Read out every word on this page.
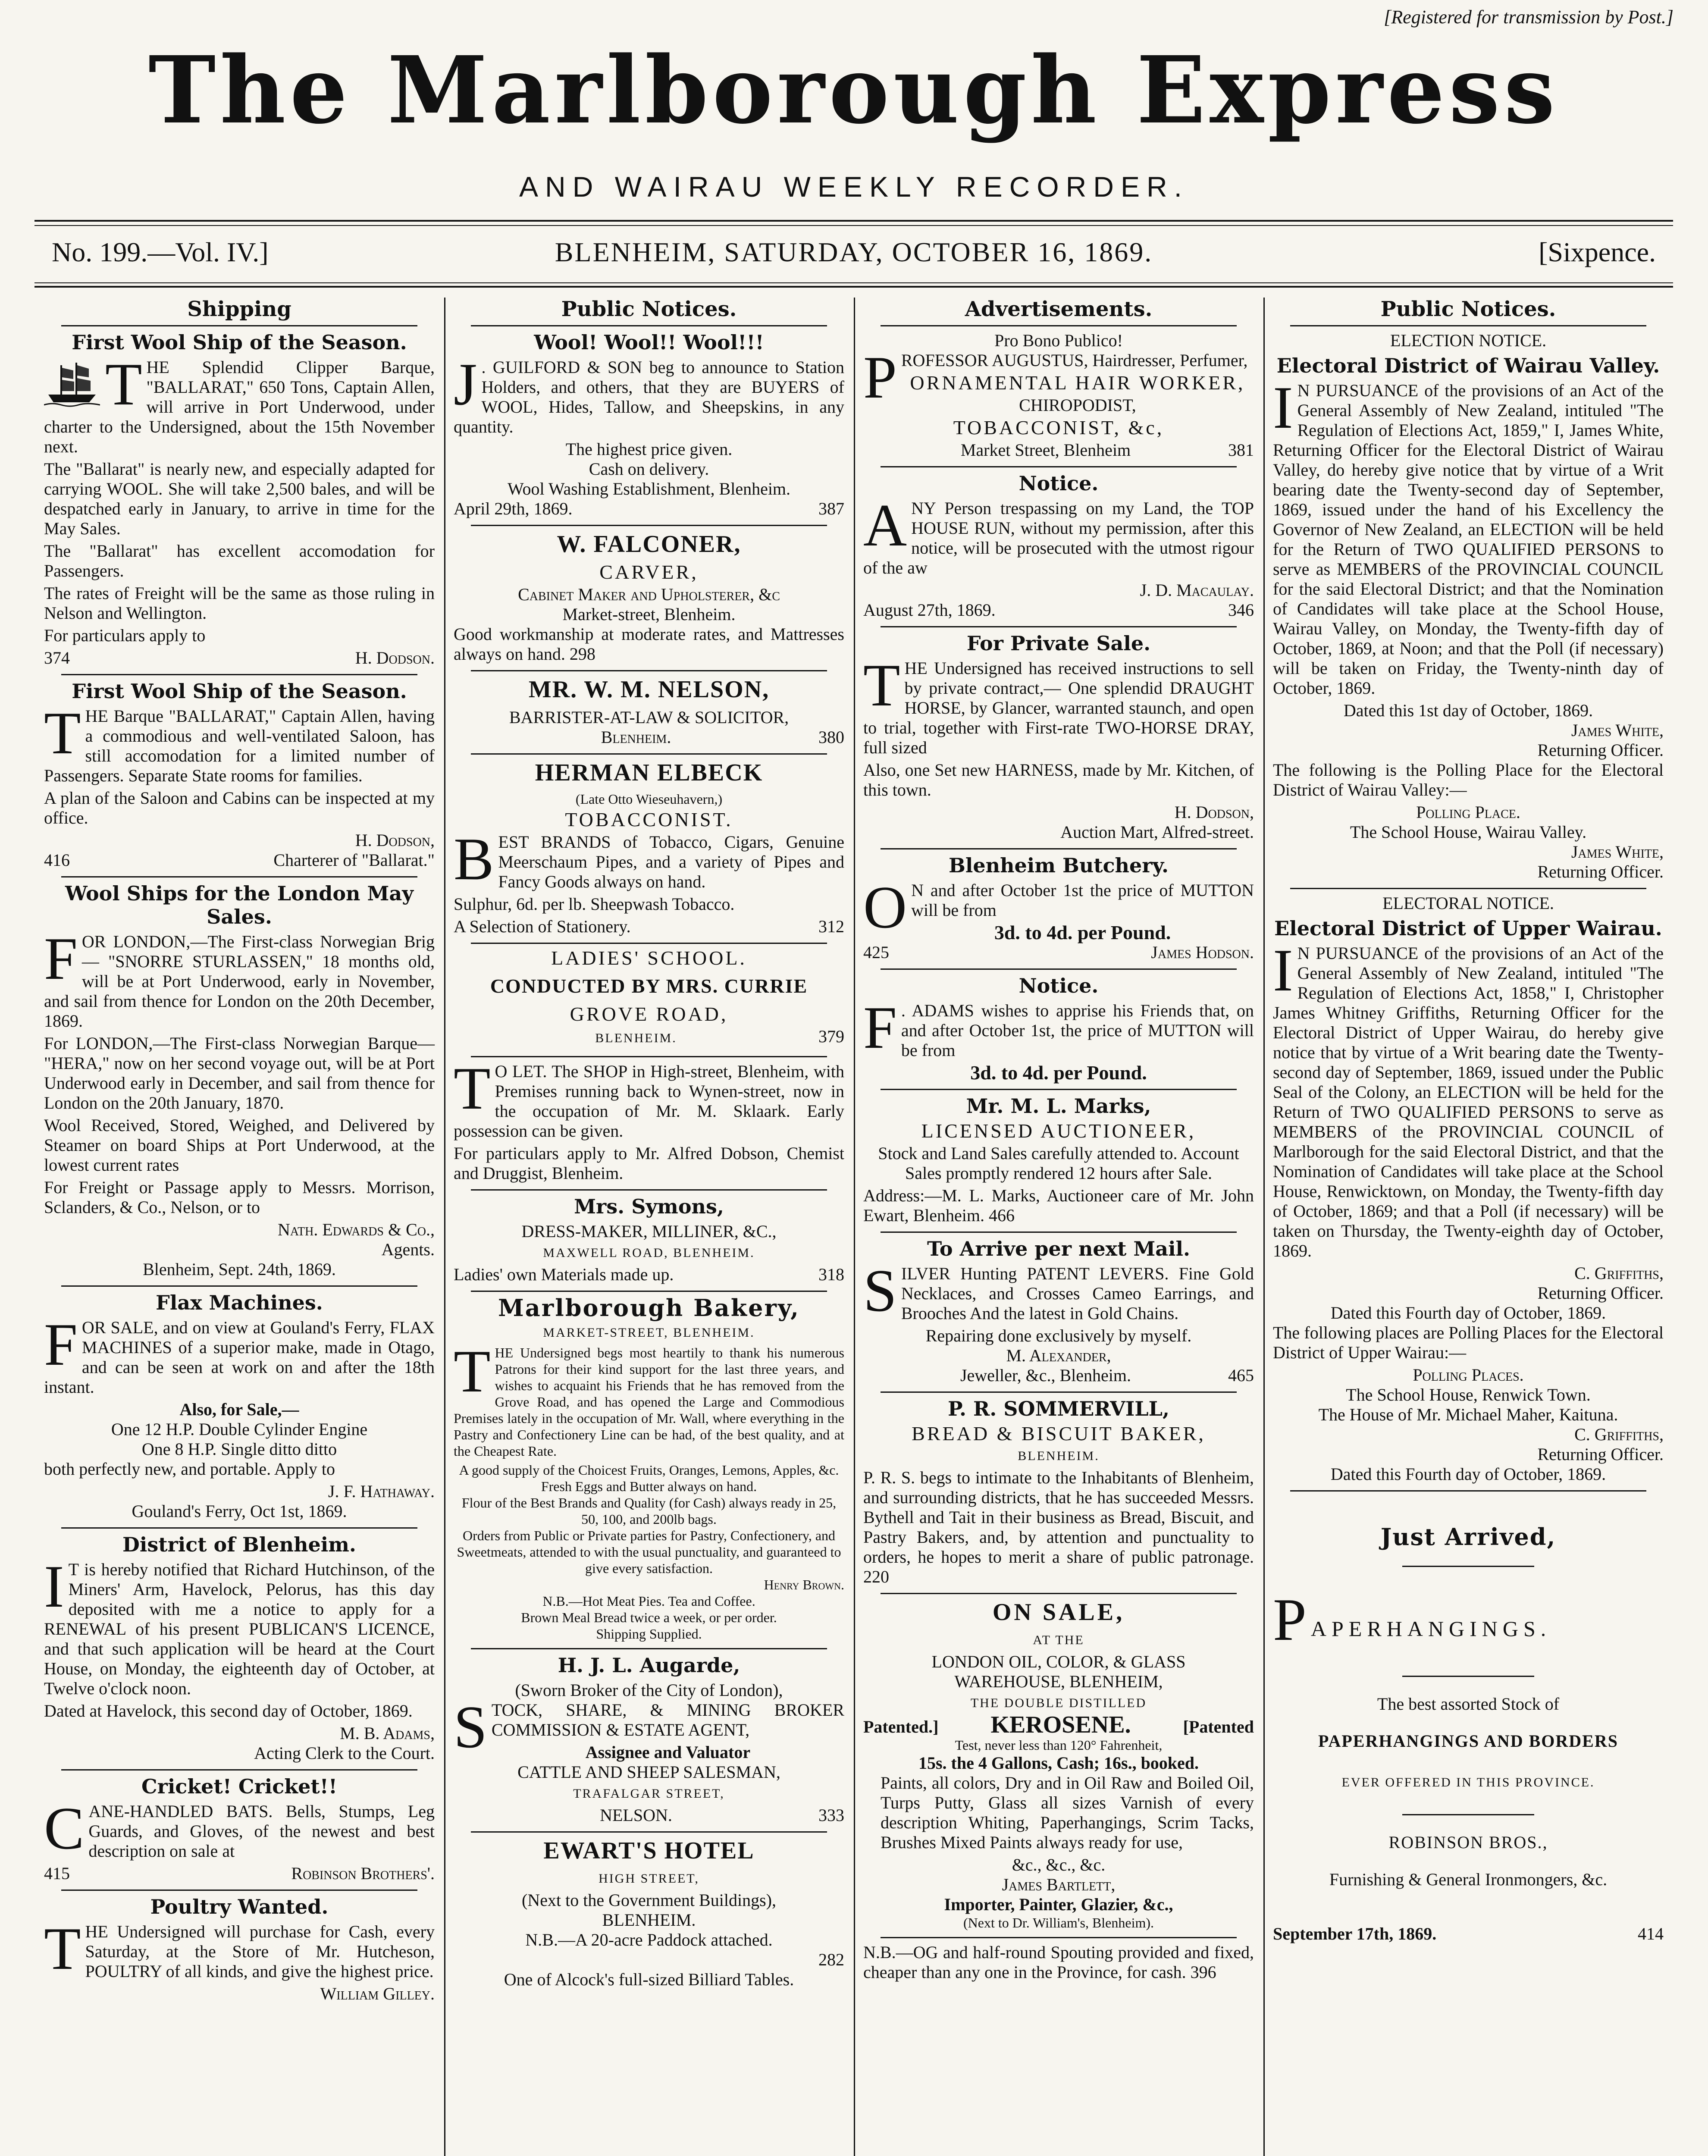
[Registered for transmission by Post.]
The Marlborough Express
AND WAIRAU WEEKLY RECORDER.
No. 199.—Vol. IV.]	BLENHEIM, SATURDAY, OCTOBER 16, 1869.	[Sixpence.
Shipping
First Wool Ship of the Season.

THE Splendid Clipper Barque, "BALLARAT," 650 Tons, Captain Allen, will arrive in Port Underwood, under charter to the Undersigned, about the 15th November next.

The "Ballarat" is nearly new, and especially adapted for carrying WOOL. She will take 2,500 bales, and will be despatched early in January, to arrive in time for the May Sales.

The "Ballarat" has excellent accomodation for Passengers.

The rates of Freight will be the same as those ruling in Nelson and Wellington.

For particulars apply to

374	H. Dodson.
First Wool Ship of the Season.

THE Barque "BALLARAT," Captain Allen, having a commodious and well-ventilated Saloon, has still accomodation for a limited number of Passengers. Separate State rooms for families.

A plan of the Saloon and Cabins can be inspected at my office.

H. Dodson,
416	Charterer of "Ballarat."
Wool Ships for the London May Sales.

FOR LONDON,—The First-class Norwegian Brig— "SNORRE STURLASSEN," 18 months old, will be at Port Underwood, early in November, and sail from thence for London on the 20th December, 1869.

For LONDON,—The First-class Norwegian Barque— "HERA," now on her second voyage out, will be at Port Underwood early in December, and sail from thence for London on the 20th January, 1870.

Wool Received, Stored, Weighed, and Delivered by Steamer on board Ships at Port Underwood, at the lowest current rates

For Freight or Passage apply to Messrs. Morrison, Sclanders, & Co., Nelson, or to

Nath. Edwards & Co.,
Agents.
Blenheim, Sept. 24th, 1869.
Flax Machines.

FOR SALE, and on view at Gouland's Ferry, FLAX MACHINES of a superior make, made in Otago, and can be seen at work on and after the 18th instant.

Also, for Sale,—
One 12 H.P. Double Cylinder Engine
One 8 H.P. Single ditto ditto

both perfectly new, and portable. Apply to

J. F. Hathaway.
Gouland's Ferry, Oct 1st, 1869.
District of Blenheim.

I T is hereby notified that Richard Hutchinson, of the Miners' Arm, Havelock, Pelorus, has this day deposited with me a notice to apply for a RENEWAL of his present PUBLICAN'S LICENCE, and that such application will be heard at the Court House, on Monday, the eighteenth day of October, at Twelve o'clock noon.

Dated at Havelock, this second day of October, 1869.

M. B. Adams,
Acting Clerk to the Court.
Cricket! Cricket!!

CANE-HANDLED BATS. Bells, Stumps, Leg Guards, and Gloves, of the newest and best description on sale at

415	Robinson Brothers'.
Poultry Wanted.

THE Undersigned will purchase for Cash, every Saturday, at the Store of Mr. Hutcheson, POULTRY of all kinds, and give the highest price.

William Gilley.
Public Notices.
Wool! Wool!! Wool!!!

J . GUILFORD & SON beg to announce to Station Holders, and others, that they are BUYERS of WOOL, Hides, Tallow, and Sheepskins, in any quantity.

The highest price given.
Cash on delivery.
Wool Washing Establishment, Blenheim.
April 29th, 1869.	387
W. FALCONER,
CARVER,
Cabinet Maker and Upholsterer, &c
Market-street, Blenheim.

Good workmanship at moderate rates, and Mattresses always on hand. 298

MR. W. M. NELSON,
BARRISTER-AT-LAW & SOLICITOR,
Blenheim.	380
HERMAN ELBECK
(Late Otto Wieseuhavern,)
TOBACCONIST.

BEST BRANDS of Tobacco, Cigars, Genuine Meerschaum Pipes, and a variety of Pipes and Fancy Goods always on hand.

Sulphur, 6d. per lb. Sheepwash Tobacco.

A Selection of Stationery.	312
LADIES' SCHOOL.
CONDUCTED BY MRS. CURRIE
GROVE ROAD,
BLENHEIM.	379

T O LET. The SHOP in High-street, Blenheim, with Premises running back to Wynen-street, now in the occupation of Mr. M. Sklaark. Early possession can be given.

For particulars apply to Mr. Alfred Dobson, Chemist and Druggist, Blenheim.

Mrs. Symons,
DRESS-MAKER, MILLINER, &C.,
MAXWELL ROAD, BLENHEIM.
Ladies' own Materials made up.	318
Marlborough Bakery,
MARKET-STREET, BLENHEIM.

THE Undersigned begs most heartily to thank his numerous Patrons for their kind support for the last three years, and wishes to acquaint his Friends that he has removed from the Grove Road, and has opened the Large and Commodious Premises lately in the occupation of Mr. Wall, where everything in the Pastry and Confectionery Line can be had, of the best quality, and at the Cheapest Rate.

A good supply of the Choicest Fruits, Oranges, Lemons, Apples, &c.
Fresh Eggs and Butter always on hand.
Flour of the Best Brands and Quality (for Cash) always ready in 25, 50, 100, and 200lb bags.
Orders from Public or Private parties for Pastry, Confectionery, and Sweetmeats, attended to with the usual punctuality, and guaranteed to give every satisfaction.
Henry Brown.
N.B.—Hot Meat Pies. Tea and Coffee.
Brown Meal Bread twice a week, or per order.
Shipping Supplied.
H. J. L. Augarde,
(Sworn Broker of the City of London),

STOCK, SHARE, & MINING BROKER COMMISSION & ESTATE AGENT,

Assignee and Valuator
CATTLE AND SHEEP SALESMAN,
TRAFALGAR STREET,
NELSON.	333
EWART'S HOTEL
HIGH STREET,
(Next to the Government Buildings),
BLENHEIM.
N.B.—A 20-acre Paddock attached.
282
One of Alcock's full-sized Billiard Tables.
Advertisements.
Pro Bono Publico!

PROFESSOR AUGUSTUS, Hairdresser, Perfumer,

ORNAMENTAL HAIR WORKER,
CHIROPODIST,
TOBACCONIST, &c,
Market Street, Blenheim	381
Notice.

ANY Person trespassing on my Land, the TOP HOUSE RUN, without my permission, after this notice, will be prosecuted with the utmost rigour of the aw

J. D. Macaulay.
August 27th, 1869.	346
For Private Sale.

THE Undersigned has received instructions to sell by private contract,— One splendid DRAUGHT HORSE, by Glancer, warranted staunch, and open to trial, together with First-rate TWO-HORSE DRAY, full sized

Also, one Set new HARNESS, made by Mr. Kitchen, of this town.

H. Dodson,
Auction Mart, Alfred-street.
Blenheim Butchery.

O N and after October 1st the price of MUTTON will be from

3d. to 4d. per Pound.
425	James Hodson.
Notice.

F . ADAMS wishes to apprise his Friends that, on and after October 1st, the price of MUTTON will be from

3d. to 4d. per Pound.
Mr. M. L. Marks,
LICENSED AUCTIONEER,

Stock and Land Sales carefully attended to. Account Sales promptly rendered 12 hours after Sale.

Address:—M. L. Marks, Auctioneer care of Mr. John Ewart, Blenheim. 466

To Arrive per next Mail.

SILVER Hunting PATENT LEVERS. Fine Gold Necklaces, and Crosses Cameo Earrings, and Brooches And the latest in Gold Chains.

Repairing done exclusively by myself.
M. Alexander,
Jeweller, &c., Blenheim.	465
P. R. SOMMERVILL,
BREAD & BISCUIT BAKER,
BLENHEIM.

P. R. S. begs to intimate to the Inhabitants of Blenheim, and surrounding districts, that he has succeeded Messrs. Bythell and Tait in their business as Bread, Biscuit, and Pastry Bakers, and, by attention and punctuality to orders, he hopes to merit a share of public patronage. 220

ON SALE,
AT THE
LONDON OIL, COLOR, & GLASS
WAREHOUSE, BLENHEIM,
THE DOUBLE DISTILLED
Patented.] KEROSENE.	[Patented
Test, never less than 120° Fahrenheit,
15s. the 4 Gallons, Cash; 16s., booked.

Paints, all colors, Dry and in Oil Raw and Boiled Oil, Turps Putty, Glass all sizes Varnish of every description Whiting, Paperhangings, Scrim Tacks, Brushes Mixed Paints always ready for use,

&c., &c., &c.
James Bartlett,
Importer, Painter, Glazier, &c.,
(Next to Dr. William's, Blenheim).

N.B.—OG and half-round Spouting provided and fixed, cheaper than any one in the Province, for cash. 396

Public Notices.
ELECTION NOTICE.
Electoral District of Wairau Valley.

I N PURSUANCE of the provisions of an Act of the General Assembly of New Zealand, intituled "The Regulation of Elections Act, 1859," I, James White, Returning Officer for the Electoral District of Wairau Valley, do hereby give notice that by virtue of a Writ bearing date the Twenty-second day of September, 1869, issued under the hand of his Excellency the Governor of New Zealand, an ELECTION will be held for the Return of TWO QUALIFIED PERSONS to serve as MEMBERS of the PROVINCIAL COUNCIL for the said Electoral District; and that the Nomination of Candidates will take place at the School House, Wairau Valley, on Monday, the Twenty-fifth day of October, 1869, at Noon; and that the Poll (if necessary) will be taken on Friday, the Twenty-ninth day of October, 1869.

Dated this 1st day of October, 1869.
James White,
Returning Officer.

The following is the Polling Place for the Electoral District of Wairau Valley:—

Polling Place.
The School House, Wairau Valley.
James White,
Returning Officer.
ELECTORAL NOTICE.
Electoral District of Upper Wairau.

I N PURSUANCE of the provisions of an Act of the General Assembly of New Zealand, intituled "The Regulation of Elections Act, 1858," I, Christopher James Whitney Griffiths, Returning Officer for the Electoral District of Upper Wairau, do hereby give notice that by virtue of a Writ bearing date the Twenty-second day of September, 1869, issued under the Public Seal of the Colony, an ELECTION will be held for the Return of TWO QUALIFIED PERSONS to serve as MEMBERS of the PROVINCIAL COUNCIL of Marlborough for the said Electoral District, and that the Nomination of Candidates will take place at the School House, Renwicktown, on Monday, the Twenty-fifth day of October, 1869; and that a Poll (if necessary) will be taken on Thursday, the Twenty-eighth day of October, 1869.

C. Griffiths,
Returning Officer.
Dated this Fourth day of October, 1869.

The following places are Polling Places for the Electoral District of Upper Wairau:—

Polling Places.
The School House, Renwick Town.
The House of Mr. Michael Maher, Kaituna.
C. Griffiths,
Returning Officer.
Dated this Fourth day of October, 1869.
Just Arrived,
P APERHANGINGS.
The best assorted Stock of
PAPERHANGINGS AND BORDERS
EVER OFFERED IN THIS PROVINCE.
ROBINSON BROS.,
Furnishing & General Ironmongers, &c.
September 17th, 1869.	414
